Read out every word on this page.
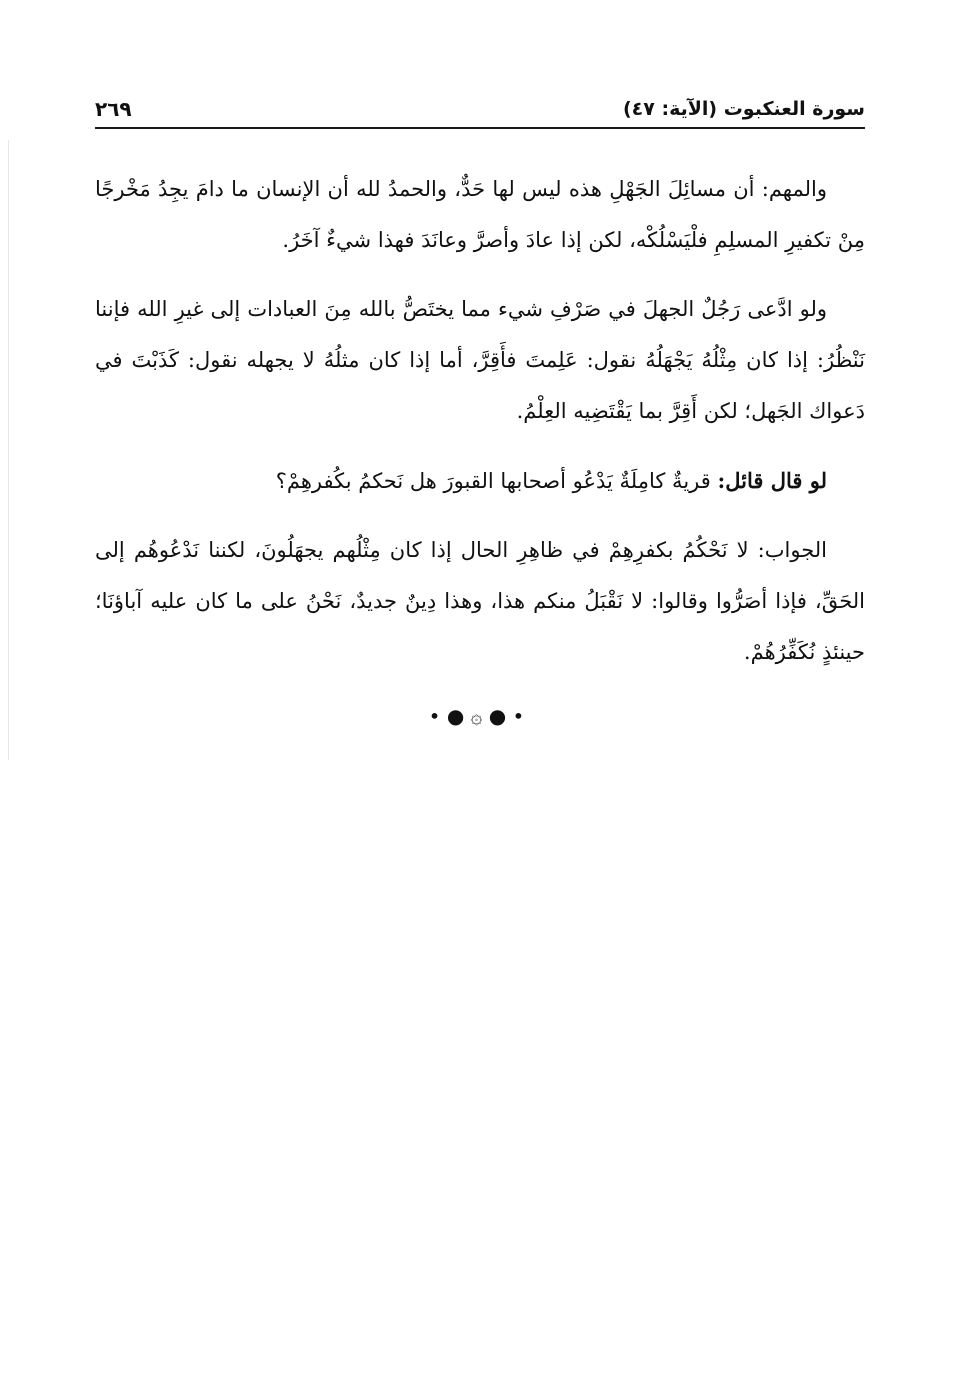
سورة العنكبوت (الآية: ٤٧)
٢٦٩

والمهم: أن مسائِلَ الجَهْلِ هذه ليس لها حَدٌّ، والحمدُ لله أن الإنسان ما دامَ يجِدُ مَخْرجًا مِنْ تكفيرِ المسلِمِ فلْيَسْلُكْه، لكن إذا عادَ وأصرَّ وعانَدَ فهذا شيءٌ آخَرُ.

ولو ادَّعى رَجُلٌ الجهلَ في صَرْفِ شيء مما يختَصُّ بالله مِنَ العبادات إلى غيرِ الله فإننا نَنْظُرُ: إذا كان مِثْلُهُ يَجْهَلُهُ نقول: عَلِمتَ فأَقِرَّ، أما إذا كان مثلُهُ لا يجهله نقول: كَذَبْتَ في دَعواك الجَهل؛ لكن أَقِرَّ بما يَقْتَضِيه العِلْمُ.

لو قال قائل: قريةٌ كامِلَةٌ يَدْعُو أصحابها القبورَ هل نَحكمُ بكُفرهِمْ؟

الجواب: لا نَحْكُمُ بكفرِهِمْ في ظاهِرِ الحال إذا كان مِثْلُهم يجهَلُونَ، لكننا نَدْعُوهُم إلى الحَقِّ، فإذا أصَرُّوا وقالوا: لا نَقْبَلُ منكم هذا، وهذا دِينٌ جديدٌ، نَحْنُ على ما كان عليه آباؤنَا؛ حينئذٍ نُكَفِّرُهُمْ.

• ● ۞ ● •
